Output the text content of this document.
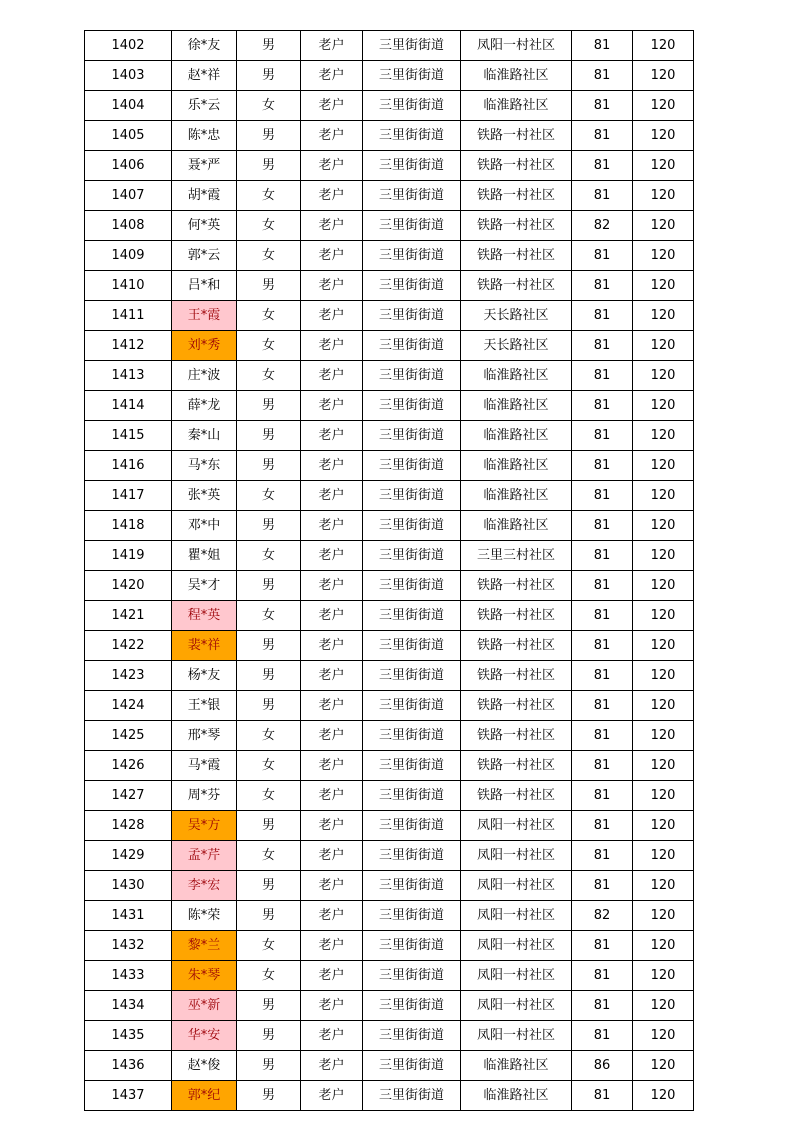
1402	徐*友	男	老户	三里街街道	凤阳一村社区	81	120
1403	赵*祥	男	老户	三里街街道	临淮路社区	81	120
1404	乐*云	女	老户	三里街街道	临淮路社区	81	120
1405	陈*忠	男	老户	三里街街道	铁路一村社区	81	120
1406	聂*严	男	老户	三里街街道	铁路一村社区	81	120
1407	胡*霞	女	老户	三里街街道	铁路一村社区	81	120
1408	何*英	女	老户	三里街街道	铁路一村社区	82	120
1409	郭*云	女	老户	三里街街道	铁路一村社区	81	120
1410	吕*和	男	老户	三里街街道	铁路一村社区	81	120
1411	王*霞	女	老户	三里街街道	天长路社区	81	120
1412	刘*秀	女	老户	三里街街道	天长路社区	81	120
1413	庄*波	女	老户	三里街街道	临淮路社区	81	120
1414	薛*龙	男	老户	三里街街道	临淮路社区	81	120
1415	秦*山	男	老户	三里街街道	临淮路社区	81	120
1416	马*东	男	老户	三里街街道	临淮路社区	81	120
1417	张*英	女	老户	三里街街道	临淮路社区	81	120
1418	邓*中	男	老户	三里街街道	临淮路社区	81	120
1419	瞿*姐	女	老户	三里街街道	三里三村社区	81	120
1420	吴*才	男	老户	三里街街道	铁路一村社区	81	120
1421	程*英	女	老户	三里街街道	铁路一村社区	81	120
1422	裴*祥	男	老户	三里街街道	铁路一村社区	81	120
1423	杨*友	男	老户	三里街街道	铁路一村社区	81	120
1424	王*银	男	老户	三里街街道	铁路一村社区	81	120
1425	邢*琴	女	老户	三里街街道	铁路一村社区	81	120
1426	马*霞	女	老户	三里街街道	铁路一村社区	81	120
1427	周*芬	女	老户	三里街街道	铁路一村社区	81	120
1428	吴*方	男	老户	三里街街道	凤阳一村社区	81	120
1429	孟*芹	女	老户	三里街街道	凤阳一村社区	81	120
1430	李*宏	男	老户	三里街街道	凤阳一村社区	81	120
1431	陈*荣	男	老户	三里街街道	凤阳一村社区	82	120
1432	黎*兰	女	老户	三里街街道	凤阳一村社区	81	120
1433	朱*琴	女	老户	三里街街道	凤阳一村社区	81	120
1434	巫*新	男	老户	三里街街道	凤阳一村社区	81	120
1435	华*安	男	老户	三里街街道	凤阳一村社区	81	120
1436	赵*俊	男	老户	三里街街道	临淮路社区	86	120
1437	郭*纪	男	老户	三里街街道	临淮路社区	81	120
